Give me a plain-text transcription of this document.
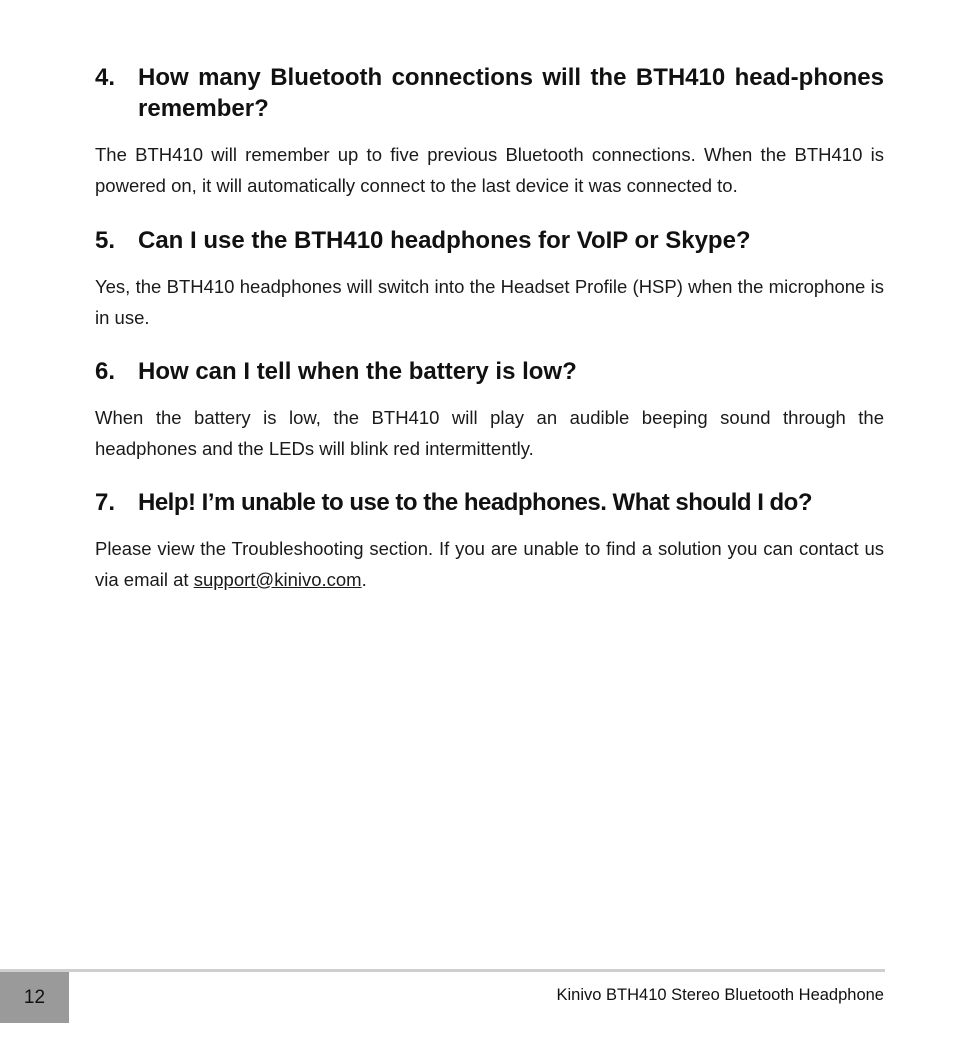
4. How many Bluetooth connections will the BTH410 head-phones remember?

The BTH410 will remember up to five previous Bluetooth connections. When the BTH410 is powered on, it will automatically connect to the last device it was connected to.

5. Can I use the BTH410 headphones for VoIP or Skype?

Yes, the BTH410 headphones will switch into the Headset Profile (HSP) when the microphone is in use.

6. How can I tell when the battery is low?

When the battery is low, the BTH410 will play an audible beeping sound through the headphones and the LEDs will blink red intermittently.

7. Help! I’m unable to use to the headphones. What should I do?

Please view the Troubleshooting section. If you are unable to find a solution you can contact us via email at support@kinivo.com.

12	Kinivo BTH410 Stereo Bluetooth Headphone
